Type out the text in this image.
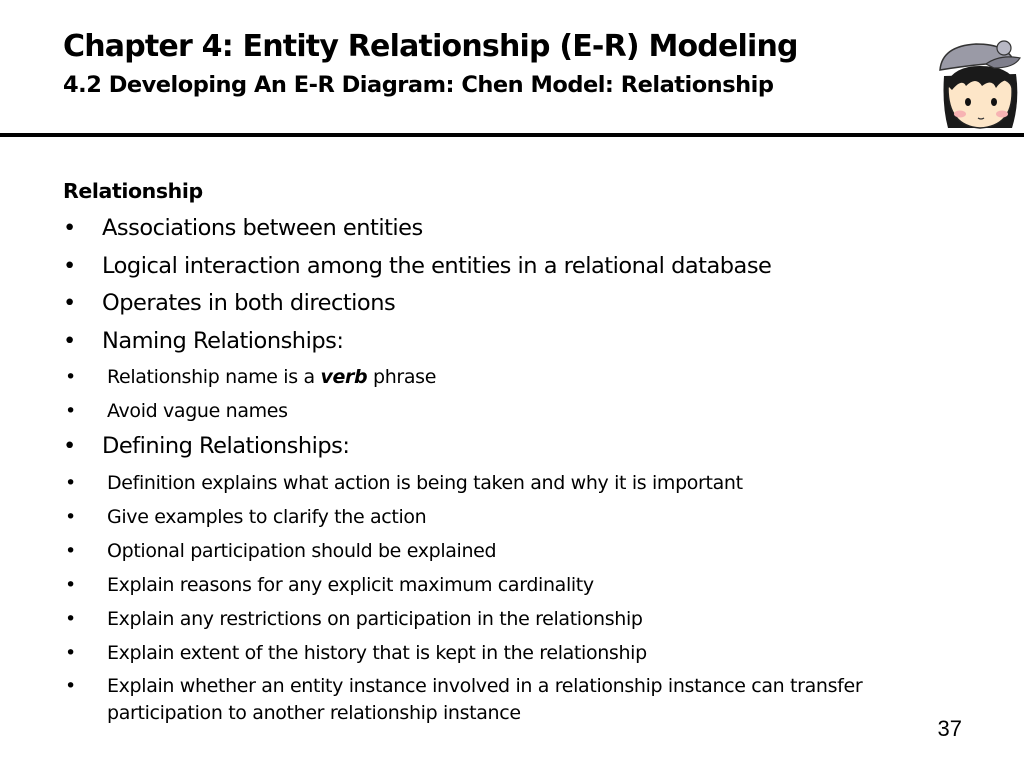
Chapter 4: Entity Relationship (E-R) Modeling
4.2 Developing An E-R Diagram: Chen Model: Relationship
Relationship
• Associations between entities
• Logical interaction among the entities in a relational database
• Operates in both directions
• Naming Relationships:
• Relationship name is a verb phrase
• Avoid vague names
• Defining Relationships:
• Definition explains what action is being taken and why it is important
• Give examples to clarify the action
• Optional participation should be explained
• Explain reasons for any explicit maximum cardinality
• Explain any restrictions on participation in the relationship
• Explain extent of the history that is kept in the relationship
• Explain whether an entity instance involved in a relationship instance can transfer participation to another relationship instance
37
